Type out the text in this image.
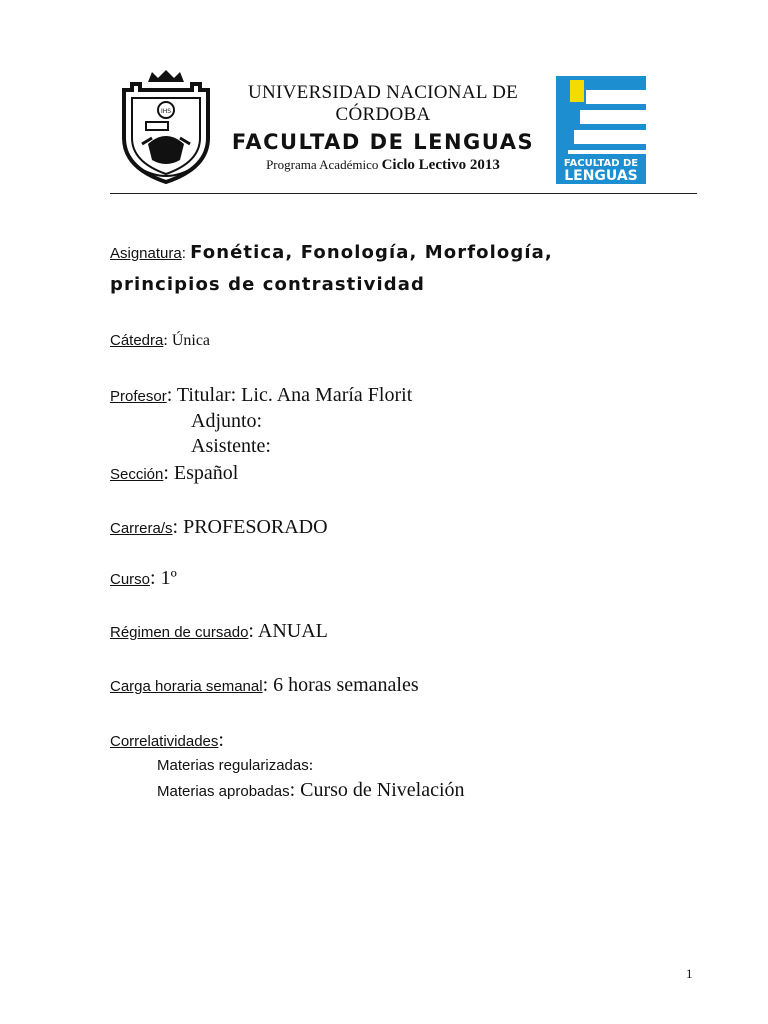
IHS
UNIVERSIDAD NACIONAL DE CÓRDOBA
FACULTAD DE LENGUAS
Programa Académico Ciclo Lectivo 2013	FACULTAD DE
LENGUAS
Asignatura: Fonética, Fonología, Morfología,
principios de contrastividad
Cátedra: Única
Profesor: Titular: Lic. Ana María Florit
Adjunto:
Asistente:
Sección: Español
Carrera/s: PROFESORADO
Curso: 1º
Régimen de cursado: ANUAL
Carga horaria semanal: 6 horas semanales
Correlatividades:
Materias regularizadas:
Materias aprobadas: Curso de Nivelación
1
